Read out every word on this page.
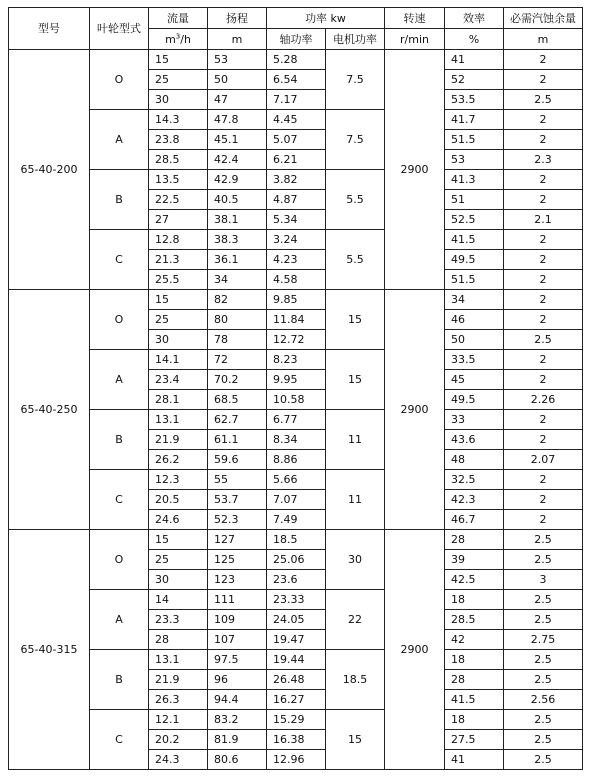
型号	叶轮型式	流量	扬程	功率 kw		转速	效率	必需汽蚀余量
		$m^3/h$	m	轴功率	电机功率	r/min	%	m
65-40-200	O	15	53	5.28	7.5	2900	41	2
		25	50	6.54			52	2
		30	47	7.17			53.5	2.5
	A	14.3	47.8	4.45	7.5		41.7	2
		23.8	45.1	5.07			51.5	2
		28.5	42.4	6.21			53	2.3
	B	13.5	42.9	3.82	5.5		41.3	2
		22.5	40.5	4.87			51	2
		27	38.1	5.34			52.5	2.1
	C	12.8	38.3	3.24	5.5		41.5	2
		21.3	36.1	4.23			49.5	2
		25.5	34	4.58			51.5	2
65-40-250	O	15	82	9.85	15	2900	34	2
		25	80	11.84			46	2
		30	78	12.72			50	2.5
	A	14.1	72	8.23	15		33.5	2
		23.4	70.2	9.95			45	2
		28.1	68.5	10.58			49.5	2.26
	B	13.1	62.7	6.77	11		33	2
		21.9	61.1	8.34			43.6	2
		26.2	59.6	8.86			48	2.07
	C	12.3	55	5.66	11		32.5	2
		20.5	53.7	7.07			42.3	2
		24.6	52.3	7.49			46.7	2
65-40-315	O	15	127	18.5	30	2900	28	2.5
		25	125	25.06			39	2.5
		30	123	23.6			42.5	3
	A	14	111	23.33	22		18	2.5
		23.3	109	24.05			28.5	2.5
		28	107	19.47			42	2.75
	B	13.1	97.5	19.44	18.5		18	2.5
		21.9	96	26.48			28	2.5
		26.3	94.4	16.27			41.5	2.56
	C	12.1	83.2	15.29	15		18	2.5
		20.2	81.9	16.38			27.5	2.5
		24.3	80.6	12.96			41	2.5
